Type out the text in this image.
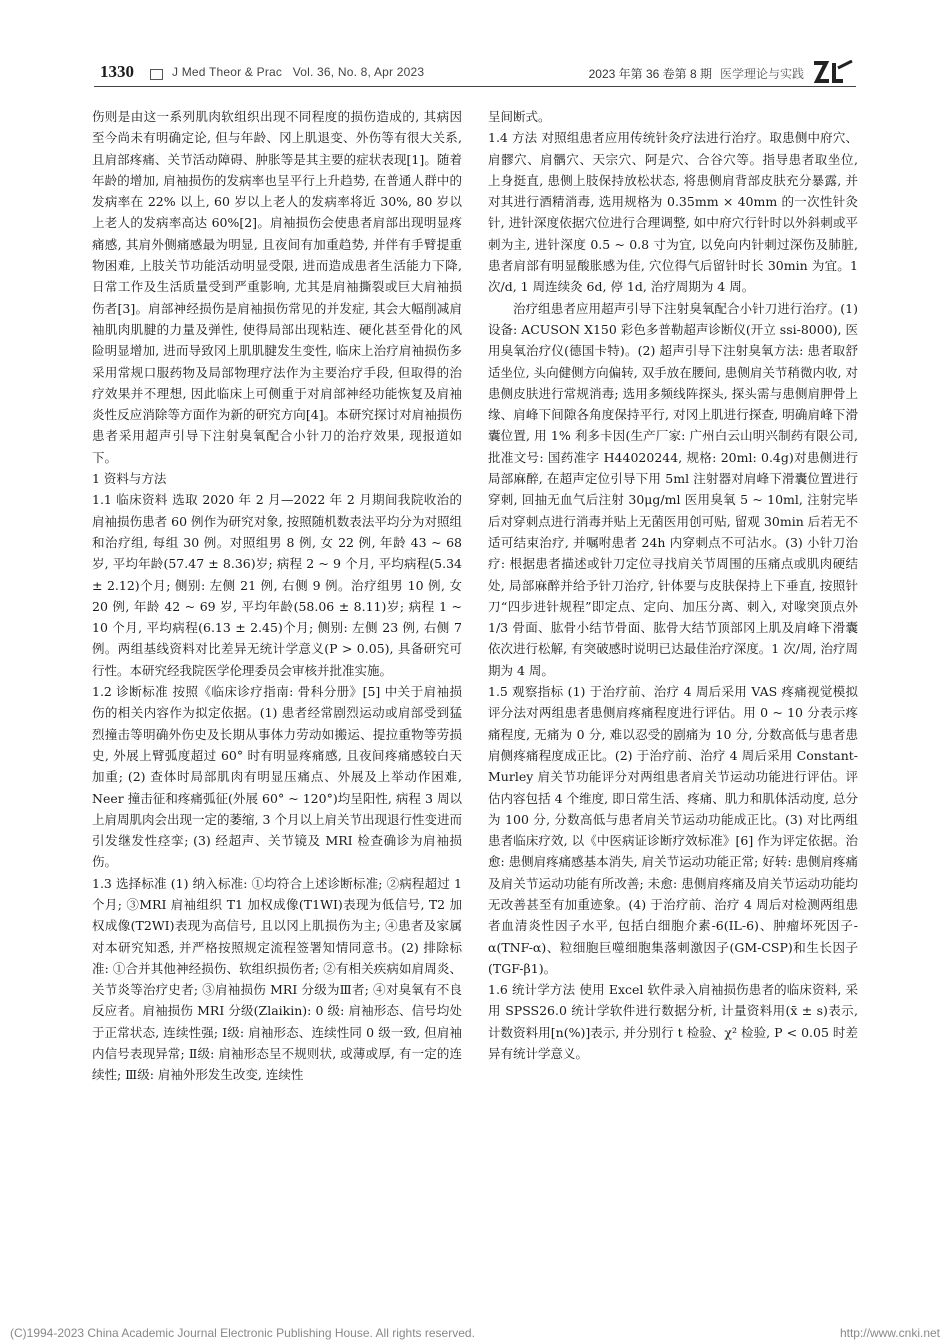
1330	J Med Theor & Prac   Vol. 36, No. 8, Apr 2023	2023 年第 36 卷第 8 期 医学理论与实践

伤则是由这一系列肌肉软组织出现不同程度的损伤造成的, 其病因至今尚未有明确定论, 但与年龄、冈上肌退变、外伤等有很大关系, 且肩部疼痛、关节活动障碍、肿胀等是其主要的症状表现[1]。随着年龄的增加, 肩袖损伤的发病率也呈平行上升趋势, 在普通人群中的发病率在 22% 以上, 60 岁以上老人的发病率将近 30%, 80 岁以上老人的发病率高达 60%[2]。肩袖损伤会使患者肩部出现明显疼痛感, 其肩外侧痛感最为明显, 且夜间有加重趋势, 并伴有手臂提重物困难, 上肢关节功能活动明显受限, 进而造成患者生活能力下降, 日常工作及生活质量受到严重影响, 尤其是肩袖撕裂或巨大肩袖损伤者[3]。肩部神经损伤是肩袖损伤常见的并发症, 其会大幅削减肩袖肌肉肌腱的力量及弹性, 使得局部出现粘连、硬化甚至骨化的风险明显增加, 进而导致冈上肌肌腱发生变性, 临床上治疗肩袖损伤多采用常规口服药物及局部物理疗法作为主要治疗手段, 但取得的治疗效果并不理想, 因此临床上可侧重于对肩部神经功能恢复及肩袖炎性反应消除等方面作为新的研究方向[4]。本研究探讨对肩袖损伤患者采用超声引导下注射臭氧配合小针刀的治疗效果, 现报道如下。

1 资料与方法

1.1 临床资料 选取 2020 年 2 月—2022 年 2 月期间我院收治的肩袖损伤患者 60 例作为研究对象, 按照随机数表法平均分为对照组和治疗组, 每组 30 例。对照组男 8 例, 女 22 例, 年龄 43 ~ 68 岁, 平均年龄(57.47 ± 8.36)岁; 病程 2 ~ 9 个月, 平均病程(5.34 ± 2.12)个月; 侧别: 左侧 21 例, 右侧 9 例。治疗组男 10 例, 女 20 例, 年龄 42 ~ 69 岁, 平均年龄(58.06 ± 8.11)岁; 病程 1 ~ 10 个月, 平均病程(6.13 ± 2.45)个月; 侧别: 左侧 23 例, 右侧 7 例。两组基线资料对比差异无统计学意义(P > 0.05), 具备研究可行性。本研究经我院医学伦理委员会审核并批准实施。

1.2 诊断标准 按照《临床诊疗指南: 骨科分册》[5] 中关于肩袖损伤的相关内容作为拟定依据。(1) 患者经常剧烈运动或肩部受到猛烈撞击等明确外伤史及长期从事体力劳动如搬运、提拉重物等劳损史, 外展上臂弧度超过 60° 时有明显疼痛感, 且夜间疼痛感较白天加重; (2) 查体时局部肌肉有明显压痛点、外展及上举动作困难, Neer 撞击征和疼痛弧征(外展 60° ~ 120°)均呈阳性, 病程 3 周以上肩周肌肉会出现一定的萎缩, 3 个月以上肩关节出现退行性变进而引发继发性痉挛; (3) 经超声、关节镜及 MRI 检查确诊为肩袖损伤。

1.3 选择标准 (1) 纳入标准: ①均符合上述诊断标准; ②病程超过 1 个月; ③MRI 肩袖组织 T1 加权成像(T1WI)表现为低信号, T2 加权成像(T2WI)表现为高信号, 且以冈上肌损伤为主; ④患者及家属对本研究知悉, 并严格按照规定流程签署知情同意书。(2) 排除标准: ①合并其他神经损伤、软组织损伤者; ②有相关疾病如肩周炎、关节炎等治疗史者; ③肩袖损伤 MRI 分级为Ⅲ者; ④对臭氧有不良反应者。肩袖损伤 MRI 分级(Zlaikin): 0 级: 肩袖形态、信号均处于正常状态, 连续性强; Ⅰ级: 肩袖形态、连续性同 0 级一致, 但肩袖内信号表现异常; Ⅱ级: 肩袖形态呈不规则状, 或薄或厚, 有一定的连续性; Ⅲ级: 肩袖外形发生改变, 连续性

呈间断式。

1.4 方法 对照组患者应用传统针灸疗法进行治疗。取患侧中府穴、肩髎穴、肩髃穴、天宗穴、阿是穴、合谷穴等。指导患者取坐位, 上身挺直, 患侧上肢保持放松状态, 将患侧肩背部皮肤充分暴露, 并对其进行酒精消毒, 选用规格为 0.35mm × 40mm 的一次性针灸针, 进针深度依据穴位进行合理调整, 如中府穴行针时以外斜刺或平刺为主, 进针深度 0.5 ~ 0.8 寸为宜, 以免向内针刺过深伤及肺脏, 患者肩部有明显酸胀感为佳, 穴位得气后留针时长 30min 为宜。1 次/d, 1 周连续灸 6d, 停 1d, 治疗周期为 4 周。

治疗组患者应用超声引导下注射臭氧配合小针刀进行治疗。(1) 设备: ACUSON X150 彩色多普勒超声诊断仪(开立 ssi-8000), 医用臭氧治疗仪(德国卡特)。(2) 超声引导下注射臭氧方法: 患者取舒适坐位, 头向健侧方向偏转, 双手放在腰间, 患侧肩关节稍微内收, 对患侧皮肤进行常规消毒; 选用多频线阵探头, 探头需与患侧肩胛骨上缘、肩峰下间隙各角度保持平行, 对冈上肌进行探查, 明确肩峰下滑囊位置, 用 1% 利多卡因(生产厂家: 广州白云山明兴制药有限公司, 批准文号: 国药准字 H44020244, 规格: 20ml: 0.4g)对患侧进行局部麻醉, 在超声定位引导下用 5ml 注射器对肩峰下滑囊位置进行穿刺, 回抽无血气后注射 30μg/ml 医用臭氧 5 ~ 10ml, 注射完毕后对穿刺点进行消毒并贴上无菌医用创可贴, 留观 30min 后若无不适可结束治疗, 并嘱咐患者 24h 内穿刺点不可沾水。(3) 小针刀治疗: 根据患者描述或针刀定位寻找肩关节周围的压痛点或肌肉硬结处, 局部麻醉并给予针刀治疗, 针体要与皮肤保持上下垂直, 按照针刀“四步进针规程”即定点、定向、加压分离、刺入, 对喙突顶点外 1/3 骨面、肱骨小结节骨面、肱骨大结节顶部冈上肌及肩峰下滑囊依次进行松解, 有突破感时说明已达最佳治疗深度。1 次/周, 治疗周期为 4 周。

1.5 观察指标 (1) 于治疗前、治疗 4 周后采用 VAS 疼痛视觉模拟评分法对两组患者患侧肩疼痛程度进行评估。用 0 ~ 10 分表示疼痛程度, 无痛为 0 分, 难以忍受的剧痛为 10 分, 分数高低与患者患肩侧疼痛程度成正比。(2) 于治疗前、治疗 4 周后采用 Constant-Murley 肩关节功能评分对两组患者肩关节运动功能进行评估。评估内容包括 4 个维度, 即日常生活、疼痛、肌力和肌体活动度, 总分为 100 分, 分数高低与患者肩关节运动功能成正比。(3) 对比两组患者临床疗效, 以《中医病证诊断疗效标准》[6] 作为评定依据。治愈: 患侧肩疼痛感基本消失, 肩关节运动功能正常; 好转: 患侧肩疼痛及肩关节运动功能有所改善; 未愈: 患侧肩疼痛及肩关节运动功能均无改善甚至有加重迹象。(4) 于治疗前、治疗 4 周后对检测两组患者血清炎性因子水平, 包括白细胞介素-6(IL-6)、肿瘤坏死因子-α(TNF-α)、粒细胞巨噬细胞集落刺激因子(GM-CSP)和生长因子(TGF-β1)。

1.6 统计学方法 使用 Excel 软件录入肩袖损伤患者的临床资料, 采用 SPSS26.0 统计学软件进行数据分析, 计量资料用(x̄ ± s)表示, 计数资料用[n(%)]表示, 并分别行 t 检验、χ² 检验, P < 0.05 时差异有统计学意义。

(C)1994-2023 China Academic Journal Electronic Publishing House. All rights reserved.	http://www.cnki.net
